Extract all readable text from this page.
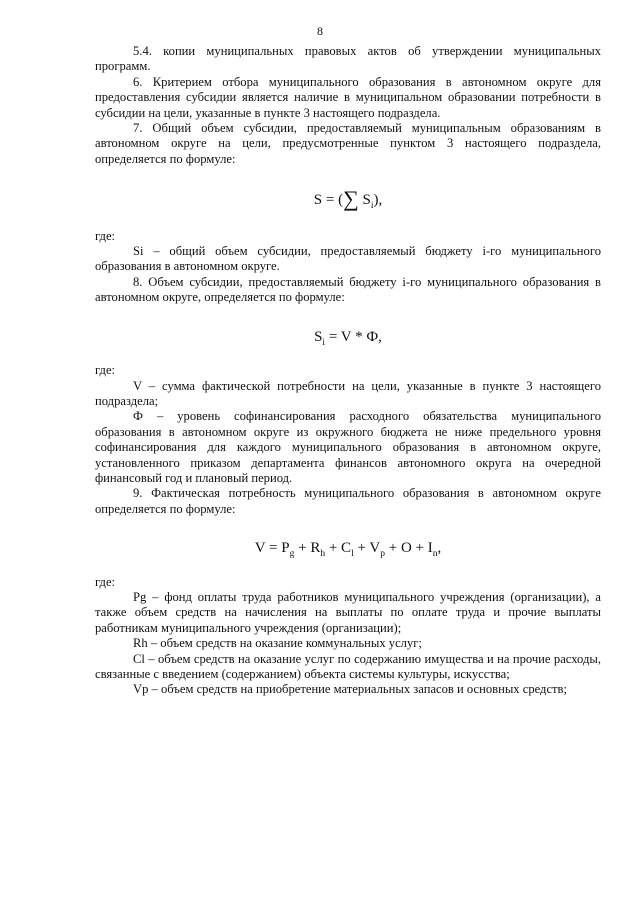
8

5.4. копии муниципальных правовых актов об утверждении муниципальных программ.

6. Критерием отбора муниципального образования в автономном округе для предоставления субсидии является наличие в муниципальном образовании потребности в субсидии на цели, указанные в пункте 3 настоящего подраздела.

7. Общий объем субсидии, предоставляемый муниципальным образованиям в автономном округе на цели, предусмотренные пунктом 3 настоящего подраздела, определяется по формуле:

S = (∑ $S_i$),

где:

Si – общий объем субсидии, предоставляемый бюджету i-го муниципального образования в автономном округе.

8. Объем субсидии, предоставляемый бюджету i-го муниципального образования в автономном округе, определяется по формуле:

$S_i = V * Ф$,

где:

V – сумма фактической потребности на цели, указанные в пункте 3 настоящего подраздела;

Ф – уровень софинансирования расходного обязательства муниципального образования в автономном округе из окружного бюджета не ниже предельного уровня софинансирования для каждого муниципального образования в автономном округе, установленного приказом департамента финансов автономного округа на очередной финансовый год и плановый период.

9. Фактическая потребность муниципального образования в автономном округе определяется по формуле:

$V = P_g + R_h + C_l + V_p + O + I_n$,

где:

Pg – фонд оплаты труда работников муниципального учреждения (организации), а также объем средств на начисления на выплаты по оплате труда и прочие выплаты работникам муниципального учреждения (организации);

Rh – объем средств на оказание коммунальных услуг;

Cl – объем средств на оказание услуг по содержанию имущества и на прочие расходы, связанные с введением (содержанием) объекта системы культуры, искусства;

Vp – объем средств на приобретение материальных запасов и основных средств;
